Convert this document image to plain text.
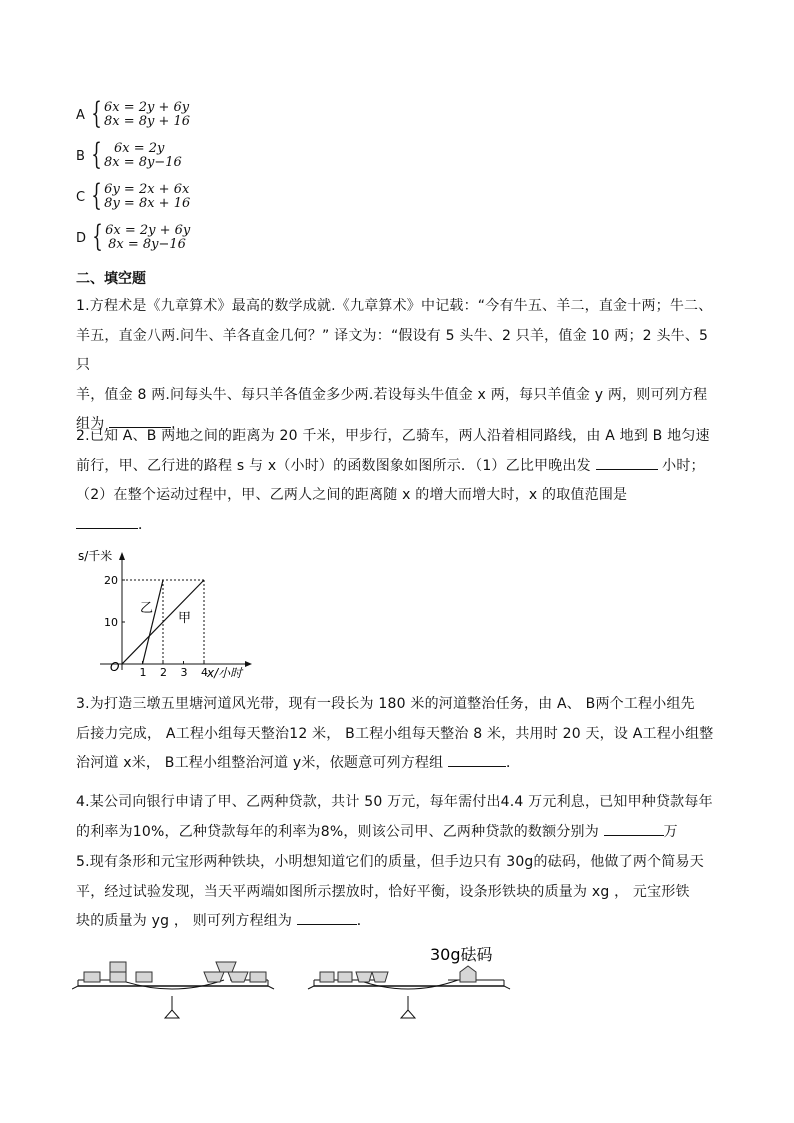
A { 6x = 2y + 6y
8x = 8y + 16
B { 6x = 2y
8x = 8y−16
C { 6y = 2x + 6x
8y = 8x + 16
D { 6x = 2y + 6y
8x = 8y−16
二、填空题
1.方程术是《九章算术》最高的数学成就.《九章算术》中记载：“今有牛五、羊二，直金十两；牛二、
羊五，直金八两.问牛、羊各直金几何？” 译文为：“假设有 5 头牛、2 只羊，值金 10 两；2 头牛、5 只
羊，值金 8 两.问每头牛、每只羊各值金多少两.若设每头牛值金 x 两，每只羊值金 y 两，则可列方程
组为	.
2.已知 A、B 两地之间的距离为 20 千米，甲步行，乙骑车，两人沿着相同路线，由 A 地到 B 地匀速
前行，甲、乙行进的路程 s 与 x（小时）的函数图象如图所示．（1）乙比甲晚出发	小时；
（2）在整个运动过程中，甲、乙两人之间的距离随 x 的增大而增大时，x 的取值范围是
．
s/千米
x/小时
O 1 2 3 4
10
20
乙
甲
3.为打造三墩五里塘河道风光带，现有一段长为 180 米的河道整治任务，由 A、 B两个工程小组先
后接力完成， A工程小组每天整治12 米， B工程小组每天整治 8 米，共用时 20 天，设 A工程小组整
治河道 x米， B工程小组整治河道 y米，依题意可列方程组	．
4.某公司向银行申请了甲、乙两种贷款，共计 50 万元，每年需付出4.4 万元利息，已知甲种贷款每年
的利率为10%，乙种贷款每年的利率为8%，则该公司甲、乙两种贷款的数额分别为	万
5.现有条形和元宝形两种铁块，小明想知道它们的质量，但手边只有 30g的砝码，他做了两个简易天
平，经过试验发现，当天平两端如图所示摆放时，恰好平衡，设条形铁块的质量为 xg ， 元宝形铁
块的质量为 yg ， 则可列方程组为	．
30g砝码
